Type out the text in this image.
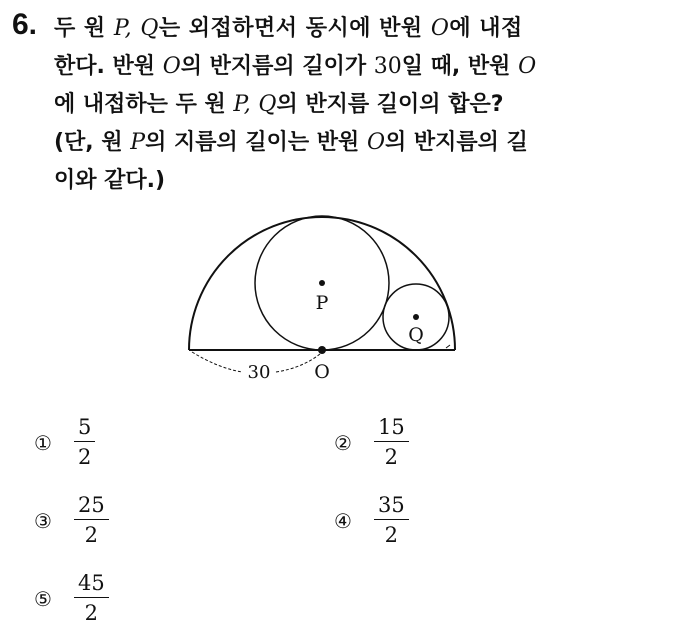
6. 두 원 P, Q는 외접하면서 동시에 반원 O에 내접
한다. 반원 O의 반지름의 길이가 30일 때, 반원 O
에 내접하는 두 원 P, Q의 반지름 길이의 합은?
(단, 원 P의 지름의 길이는 반원 O의 반지름의 길
이와 같다.)
P
Q
O
30
①	$\frac{5}{2}$	②	$\frac{15}{2}$
③	$\frac{25}{2}$	④	$\frac{35}{2}$
⑤	$\frac{45}{2}$
